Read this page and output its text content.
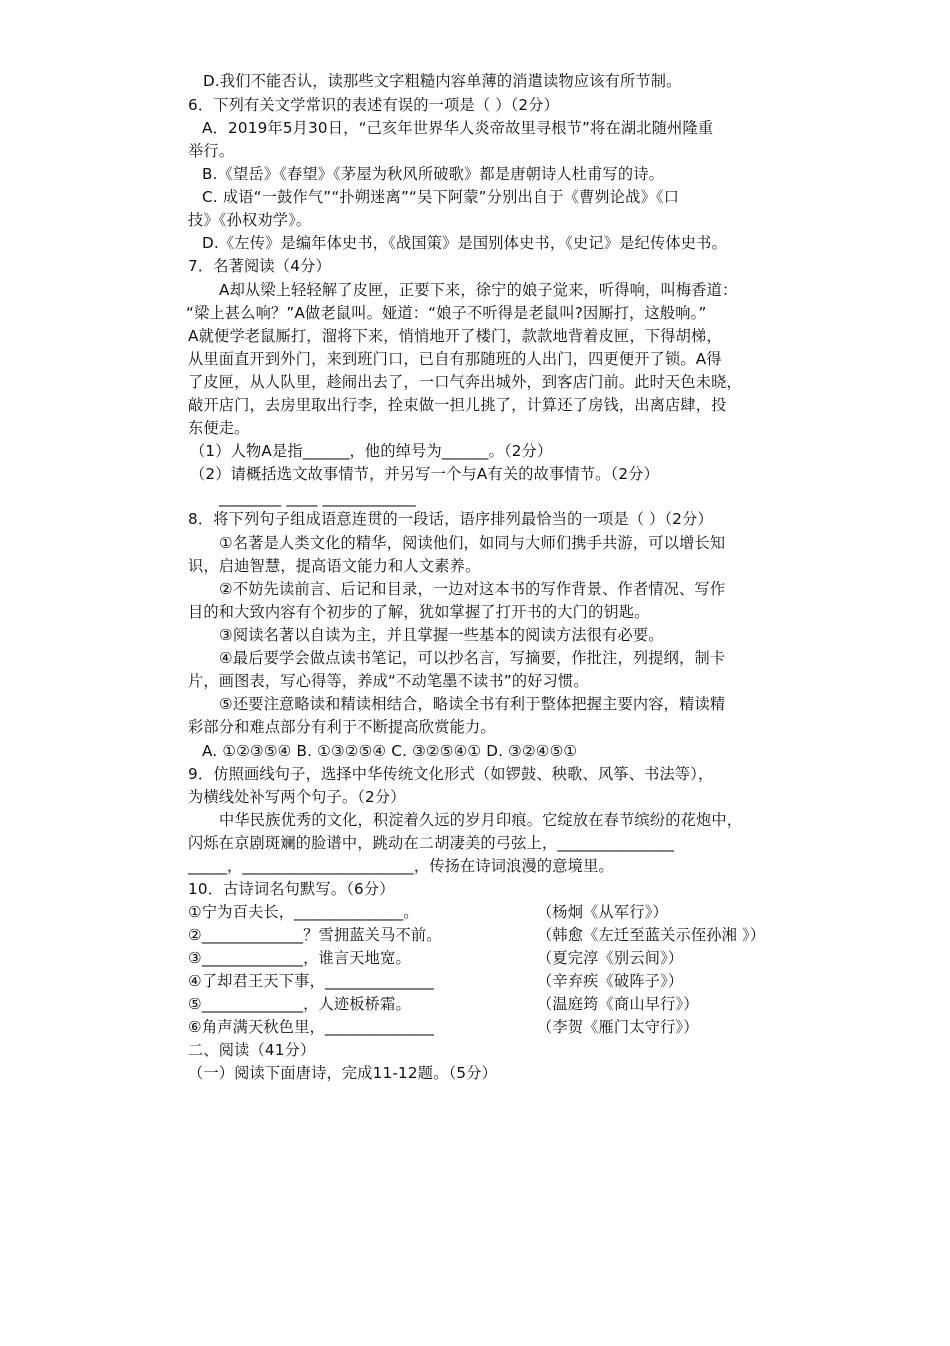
D.我们不能否认，读那些文字粗糙内容单薄的消遣读物应该有所节制。
6．下列有关文学常识的表述有误的一项是（ ）（2分）
A．2019年5月30日，“己亥年世界华人炎帝故里寻根节”将在湖北随州隆重
举行。
B.《望岳》《春望》《茅屋为秋风所破歌》都是唐朝诗人杜甫写的诗。
C. 成语“一鼓作气”“扑朔迷离”“吴下阿蒙”分别出自于《曹刿论战》《口
技》《孙权劝学》。
D.《左传》是编年体史书，《战国策》是国别体史书，《史记》是纪传体史书。
7．名著阅读（4分）
A却从梁上轻轻解了皮匣，正要下来，徐宁的娘子觉来，听得响，叫梅香道：
“梁上甚么响？”A做老鼠叫。娅道：“娘子不听得是老鼠叫?因厮打，这般响。”
A就便学老鼠厮打，溜将下来，悄悄地开了楼门，款款地背着皮匣，下得胡梯，
从里面直开到外门，来到班门口，已自有那随班的人出门，四更便开了锁。A得
了皮匣，从人队里，趁闹出去了，一口气奔出城外，到客店门前。此时天色未晓，
敲开店门，去房里取出行李，拴束做一担儿挑了，计算还了房钱，出离店肆，投
东便走。
（1）人物A是指______，他的绰号为______。（2分）
（2）请概括选文故事情节，并另写一个与A有关的故事情节。（2分）
________ ____ ____________
8．将下列句子组成语意连贯的一段话，语序排列最恰当的一项是（ ）（2分）
①名著是人类文化的精华，阅读他们，如同与大师们携手共游，可以增长知
识，启迪智慧，提高语文能力和人文素养。
②不妨先读前言、后记和目录，一边对这本书的写作背景、作者情况、写作
目的和大致内容有个初步的了解，犹如掌握了打开书的大门的钥匙。
③阅读名著以自读为主，并且掌握一些基本的阅读方法很有必要。
④最后要学会做点读书笔记，可以抄名言，写摘要，作批注，列提纲，制卡
片，画图表，写心得等，养成“不动笔墨不读书”的好习惯。
⑤还要注意略读和精读相结合，略读全书有利于整体把握主要内容，精读精
彩部分和难点部分有利于不断提高欣赏能力。
A. ①②③⑤④ B. ①③②⑤④ C. ③②⑤④① D. ③②④⑤①
9．仿照画线句子，选择中华传统文化形式（如锣鼓、秧歌、风筝、书法等），
为横线处补写两个句子。（2分）
中华民族优秀的文化，积淀着久远的岁月印痕。它绽放在春节缤纷的花炮中，
闪烁在京剧斑斓的脸谱中，跳动在二胡凄美的弓弦上，_______________
_____，______________________，传扬在诗词浪漫的意境里。
10．古诗词名句默写。（6分）
①宁为百夫长，______________。	（杨炯《从军行》）
②_____________？雪拥蓝关马不前。	（韩愈《左迁至蓝关示侄孙湘 》）
③_____________，谁言天地宽。	（夏完淳《别云间》）
④了却君王天下事，______________	（辛弃疾《破阵子》）
⑤_____________，人迹板桥霜。	（温庭筠《商山早行》）
⑥角声满天秋色里，______________	（李贺《雁门太守行》）
二、阅读（41分）
（一）阅读下面唐诗，完成11-12题。（5分）
